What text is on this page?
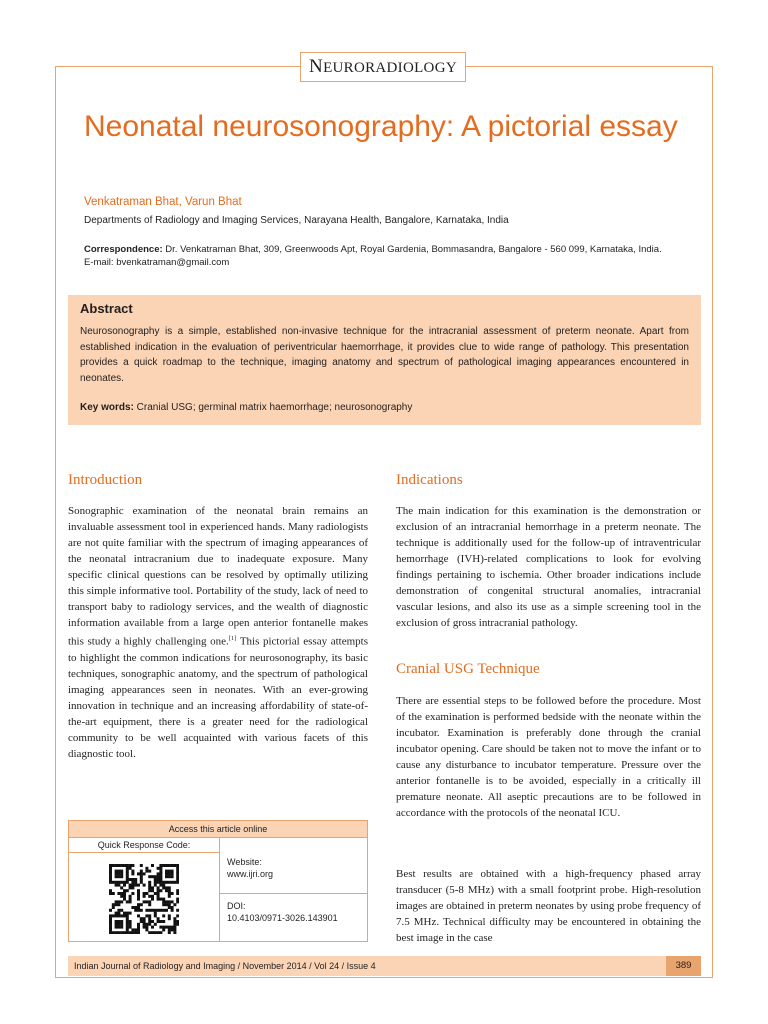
NEURORADIOLOGY
Neonatal neurosonography: A pictorial essay
Venkatraman Bhat, Varun Bhat
Departments of Radiology and Imaging Services, Narayana Health, Bangalore, Karnataka, India
Correspondence: Dr. Venkatraman Bhat, 309, Greenwoods Apt, Royal Gardenia, Bommasandra, Bangalore - 560 099, Karnataka, India.
E-mail: bvenkatraman@gmail.com
Abstract

Neurosonography is a simple, established non-invasive technique for the intracranial assessment of preterm neonate. Apart from established indication in the evaluation of periventricular haemorrhage, it provides clue to wide range of pathology. This presentation provides a quick roadmap to the technique, imaging anatomy and spectrum of pathological imaging appearances encountered in neonates.

Key words: Cranial USG; germinal matrix haemorrhage; neurosonography

Introduction

Sonographic examination of the neonatal brain remains an invaluable assessment tool in experienced hands. Many radiologists are not quite familiar with the spectrum of imaging appearances of the neonatal intracranium due to inadequate exposure. Many specific clinical questions can be resolved by optimally utilizing this simple informative tool. Portability of the study, lack of need to transport baby to radiology services, and the wealth of diagnostic information available from a large open anterior fontanelle makes this study a highly challenging one.[1] This pictorial essay attempts to highlight the common indications for neurosonography, its basic techniques, sonographic anatomy, and the spectrum of pathological imaging appearances seen in neonates. With an ever-growing innovation in technique and an increasing affordability of state-of-the-art equipment, there is a greater need for the radiological community to be well acquainted with various facets of this diagnostic tool.

Indications

The main indication for this examination is the demonstration or exclusion of an intracranial hemorrhage in a preterm neonate. The technique is additionally used for the follow-up of intraventricular hemorrhage (IVH)-related complications to look for evolving findings pertaining to ischemia. Other broader indications include demonstration of congenital structural anomalies, intracranial vascular lesions, and also its use as a simple screening tool in the exclusion of gross intracranial pathology.

Cranial USG Technique

There are essential steps to be followed before the procedure. Most of the examination is performed bedside with the neonate within the incubator. Examination is preferably done through the cranial incubator opening. Care should be taken not to move the infant or to cause any disturbance to incubator temperature. Pressure over the anterior fontanelle is to be avoided, especially in a critically ill premature neonate. All aseptic precautions are to be followed in accordance with the protocols of the neonatal ICU.

Best results are obtained with a high-frequency phased array transducer (5-8 MHz) with a small footprint probe. High-resolution images are obtained in preterm neonates by using probe frequency of 7.5 MHz. Technical difficulty may be encountered in obtaining the best image in the case

Access this article online
Quick Response Code:
Website:
www.ijri.org
DOI:
10.4103/0971-3026.143901
Indian Journal of Radiology and Imaging / November 2014 / Vol 24 / Issue 4	389
